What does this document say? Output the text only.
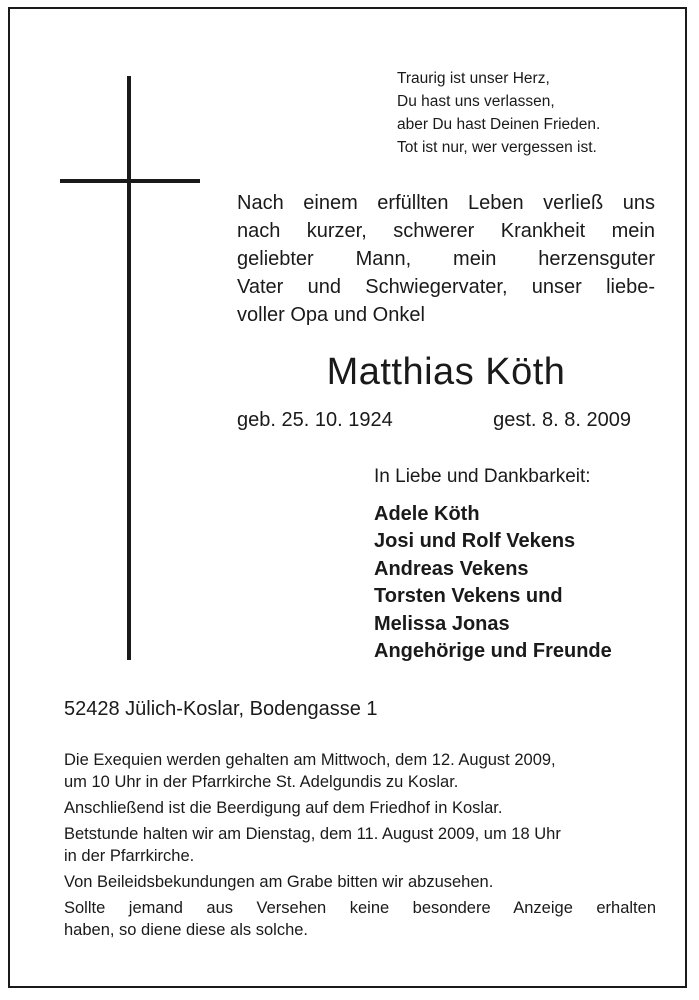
Traurig ist unser Herz,
Du hast uns verlassen,
aber Du hast Deinen Frieden.
Tot ist nur, wer vergessen ist.
Nach einem erfüllten Leben verließ uns
nach kurzer, schwerer Krankheit mein
geliebter Mann, mein herzensguter
Vater und Schwiegervater, unser liebe-
voller Opa und Onkel
Matthias Köth
geb. 25. 10. 1924	gest. 8. 8. 2009
In Liebe und Dankbarkeit:
Adele Köth
Josi und Rolf Vekens
Andreas Vekens
Torsten Vekens und
Melissa Jonas
Angehörige und Freunde
52428 Jülich-Koslar, Bodengasse 1
Die Exequien werden gehalten am Mittwoch, dem 12. August 2009,
um 10 Uhr in der Pfarrkirche St. Adelgundis zu Koslar.
Anschließend ist die Beerdigung auf dem Friedhof in Koslar.
Betstunde halten wir am Dienstag, dem 11. August 2009, um 18 Uhr
in der Pfarrkirche.
Von Beileidsbekundungen am Grabe bitten wir abzusehen.
Sollte jemand aus Versehen keine besondere Anzeige erhalten
haben, so diene diese als solche.
